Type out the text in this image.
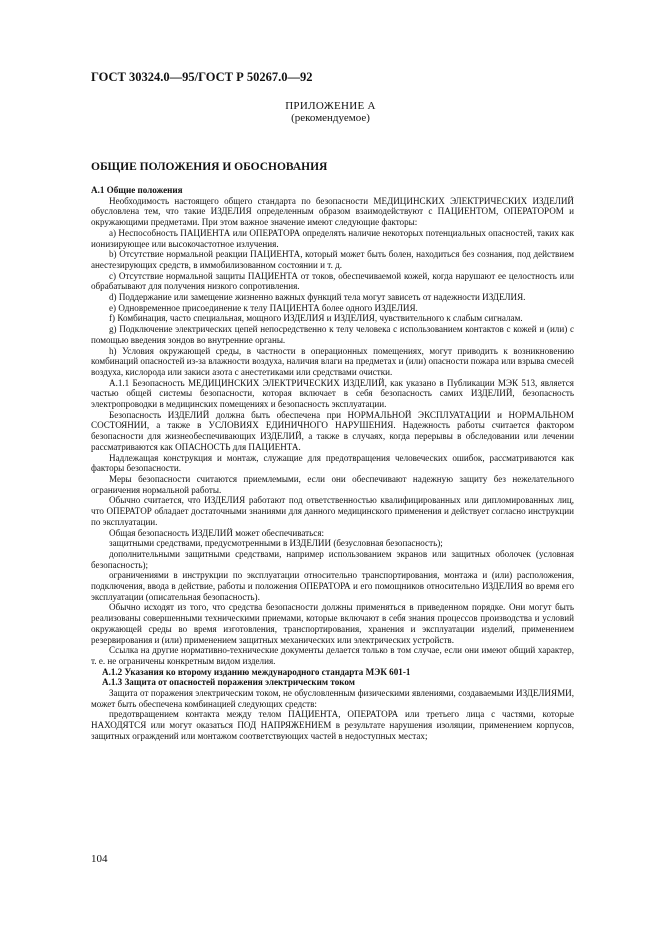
ГОСТ 30324.0—95/ГОСТ Р 50267.0—92
ПРИЛОЖЕНИЕ А
(рекомендуемое)
ОБЩИЕ ПОЛОЖЕНИЯ И ОБОСНОВАНИЯ

А.1 Общие положения

Необходимость настоящего общего стандарта по безопасности МЕДИЦИНСКИХ ЭЛЕКТРИЧЕСКИХ ИЗДЕЛИЙ обусловлена тем, что такие ИЗДЕЛИЯ определенным образом взаимодействуют с ПАЦИЕНТОМ, ОПЕРАТОРОМ и окружающими предметами. При этом важное значение имеют следующие факторы:

а) Неспособность ПАЦИЕНТА или ОПЕРАТОРА определять наличие некоторых потенциальных опасностей, таких как ионизирующее или высокочастотное излучения.

b) Отсутствие нормальной реакции ПАЦИЕНТА, который может быть болен, находиться без сознания, под действием анестезирующих средств, в иммобилизованном состоянии и т. д.

с) Отсутствие нормальной защиты ПАЦИЕНТА от токов, обеспечиваемой кожей, когда нарушают ее целостность или обрабатывают для получения низкого сопротивления.

d) Поддержание или замещение жизненно важных функций тела могут зависеть от надежности ИЗДЕЛИЯ.

е) Одновременное присоединение к телу ПАЦИЕНТА более одного ИЗДЕЛИЯ.

f) Комбинация, часто специальная, мощного ИЗДЕЛИЯ и ИЗДЕЛИЯ, чувствительного к слабым сигналам.

g) Подключение электрических цепей непосредственно к телу человека с использованием контактов с кожей и (или) с помощью введения зондов во внутренние органы.

h) Условия окружающей среды, в частности в операционных помещениях, могут приводить к возникновению комбинаций опасностей из-за влажности воздуха, наличия влаги на предметах и (или) опасности пожара или взрыва смесей воздуха, кислорода или закиси азота с анестетиками или средствами очистки.

А.1.1 Безопасность МЕДИЦИНСКИХ ЭЛЕКТРИЧЕСКИХ ИЗДЕЛИЙ, как указано в Публикации МЭК 513, является частью общей системы безопасности, которая включает в себя безопасность самих ИЗДЕЛИЙ, безопасность электропроводки в медицинских помещениях и безопасность эксплуатации.

Безопасность ИЗДЕЛИЙ должна быть обеспечена при НОРМАЛЬНОЙ ЭКСПЛУАТАЦИИ и НОРМАЛЬНОМ СОСТОЯНИИ, а также в УСЛОВИЯХ ЕДИНИЧНОГО НАРУШЕНИЯ. Надежность работы считается фактором безопасности для жизнеобеспечивающих ИЗДЕЛИЙ, а также в случаях, когда перерывы в обследовании или лечении рассматриваются как ОПАСНОСТЬ для ПАЦИЕНТА.

Надлежащая конструкция и монтаж, служащие для предотвращения человеческих ошибок, рассматриваются как факторы безопасности.

Меры безопасности считаются приемлемыми, если они обеспечивают надежную защиту без нежелательного ограничения нормальной работы.

Обычно считается, что ИЗДЕЛИЯ работают под ответственностью квалифицированных или дипломированных лиц, что ОПЕРАТОР обладает достаточными знаниями для данного медицинского применения и действует согласно инструкции по эксплуатации.

Общая безопасность ИЗДЕЛИЙ может обеспечиваться:

защитными средствами, предусмотренными в ИЗДЕЛИИ (безусловная безопасность);

дополнительными защитными средствами, например использованием экранов или защитных оболочек (условная безопасность);

ограничениями в инструкции по эксплуатации относительно транспортирования, монтажа и (или) расположения, подключения, ввода в действие, работы и положения ОПЕРАТОРА и его помощников относительно ИЗДЕЛИЯ во время его эксплуатации (описательная безопасность).

Обычно исходят из того, что средства безопасности должны применяться в приведенном порядке. Они могут быть реализованы совершенными техническими приемами, которые включают в себя знания процессов производства и условий окружающей среды во время изготовления, транспортирования, хранения и эксплуатации изделий, применением резервирования и (или) применением защитных механических или электрических устройств.

Ссылка на другие нормативно-технические документы делается только в том случае, если они имеют общий характер, т. е. не ограничены конкретным видом изделия.

А.1.2 Указания ко второму изданию международного стандарта МЭК 601-1

А.1.3 Защита от опасностей поражения электрическим током

Защита от поражения электрическим током, не обусловленным физическими явлениями, создаваемыми ИЗДЕЛИЯМИ, может быть обеспечена комбинацией следующих средств:

предотвращением контакта между телом ПАЦИЕНТА, ОПЕРАТОРА или третьего лица с частями, которые НАХОДЯТСЯ или могут оказаться ПОД НАПРЯЖЕНИЕМ в результате нарушения изоляции, применением корпусов, защитных ограждений или монтажом соответствующих частей в недоступных местах;

104
